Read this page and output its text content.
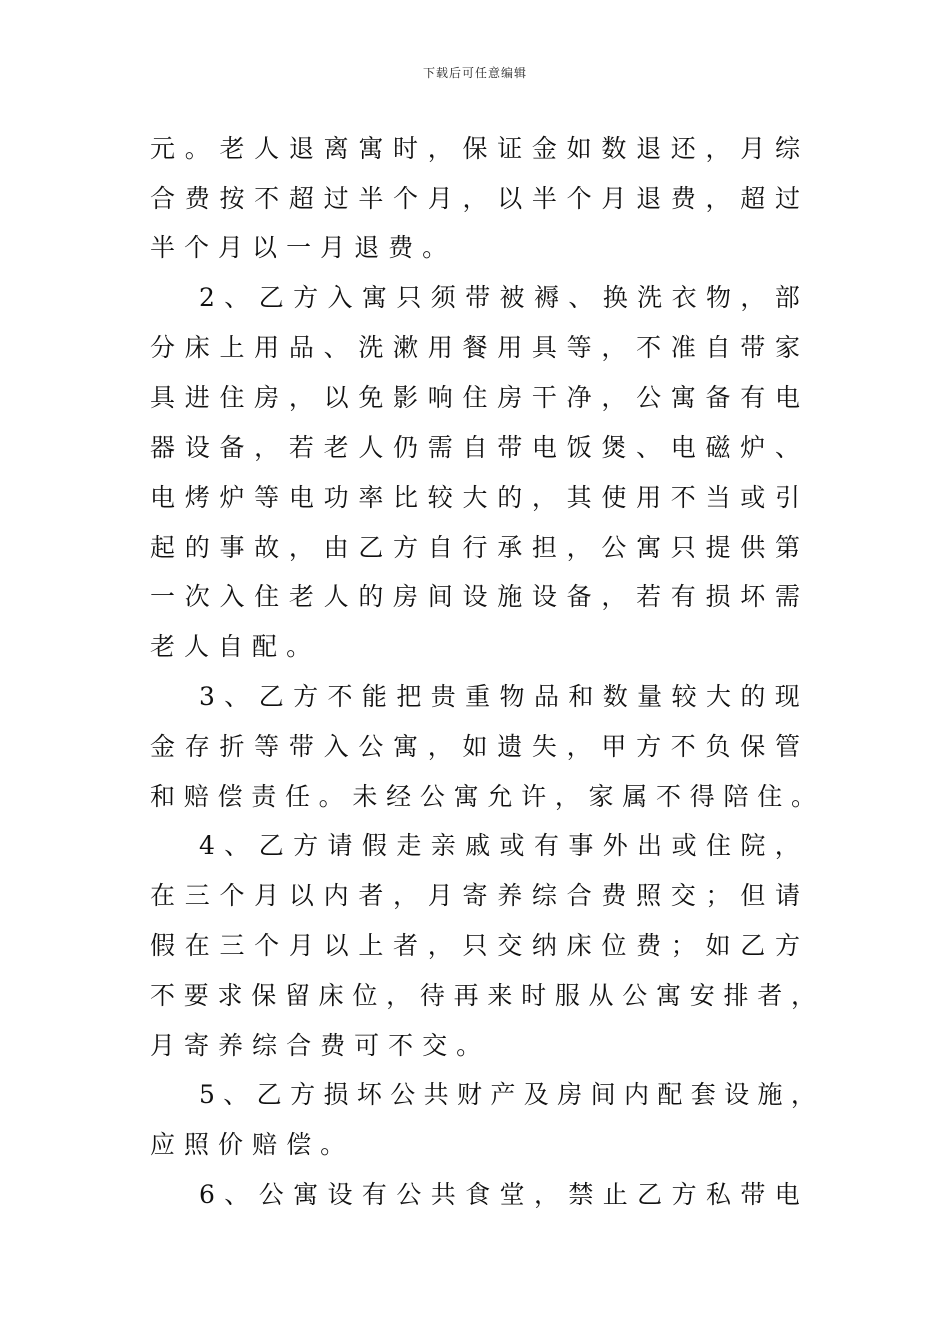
下载后可任意编辑
元 。 老 人 退 离 寓 时 ， 保 证 金 如 数 退 还 ， 月 综
合 费 按 不 超 过 半 个 月 ， 以 半 个 月 退 费 ， 超 过
半 个 月 以 一 月 退 费 。
2 、 乙 方 入 寓 只 须 带 被 褥 、 换 洗 衣 物 ， 部
分 床 上 用 品 、 洗 漱 用 餐 用 具 等 ， 不 准 自 带 家
具 进 住 房 ， 以 免 影 响 住 房 干 净 ， 公 寓 备 有 电
器 设 备 ， 若 老 人 仍 需 自 带 电 饭 煲 、 电 磁 炉 、
电 烤 炉 等 电 功 率 比 较 大 的 ， 其 使 用 不 当 或 引
起 的 事 故 ， 由 乙 方 自 行 承 担 ， 公 寓 只 提 供 第
一 次 入 住 老 人 的 房 间 设 施 设 备 ， 若 有 损 坏 需
老 人 自 配 。
3 、 乙 方 不 能 把 贵 重 物 品 和 数 量 较 大 的 现
金 存 折 等 带 入 公 寓 ， 如 遗 失 ， 甲 方 不 负 保 管
和 赔 偿 责 任 。 未 经 公 寓 允 许 ， 家 属 不 得 陪 住 。
4 、 乙 方 请 假 走 亲 戚 或 有 事 外 出 或 住 院 ，
在 三 个 月 以 内 者 ， 月 寄 养 综 合 费 照 交 ； 但 请
假 在 三 个 月 以 上 者 ， 只 交 纳 床 位 费 ； 如 乙 方
不 要 求 保 留 床 位 ， 待 再 来 时 服 从 公 寓 安 排 者 ，
月 寄 养 综 合 费 可 不 交 。
5 、 乙 方 损 坏 公 共 财 产 及 房 间 内 配 套 设 施 ，
应 照 价 赔 偿 。
6 、 公 寓 设 有 公 共 食 堂 ， 禁 止 乙 方 私 带 电
